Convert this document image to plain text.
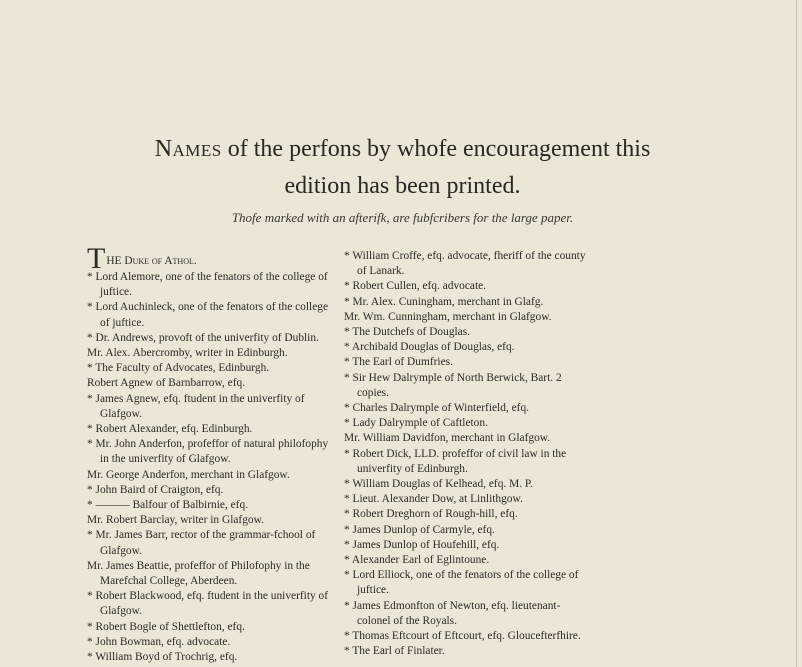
Names of the perfons by whofe encouragement this
edition has been printed.
Thofe marked with an afterifk, are fubfcribers for the large paper.

THE Duke of Athol.

* Lord Alemore, one of the fenators of the college of juftice.

* Lord Auchinleck, one of the fenators of the college of juftice.

* Dr. Andrews, provoft of the univerfity of Dublin.

Mr. Alex. Abercromby, writer in Edinburgh.

* The Faculty of Advocates, Edinburgh.

Robert Agnew of Barnbarrow, efq.

* James Agnew, efq. ftudent in the univerfity of Glafgow.

* Robert Alexander, efq. Edinburgh.

* Mr. John Anderfon, profeffor of natural philofophy in the univerfity of Glafgow.

Mr. George Anderfon, merchant in Glafgow.

* John Baird of Craigton, efq.

* ——— Balfour of Balbirnie, efq.

Mr. Robert Barclay, writer in Glafgow.

* Mr. James Barr, rector of the grammar-fchool of Glafgow.

Mr. James Beattie, profeffor of Philofophy in the Marefchal College, Aberdeen.

* Robert Blackwood, efq. ftudent in the univerfity of Glafgow.

* Robert Bogle of Shettlefton, efq.

* John Bowman, efq. advocate.

* William Boyd of Trochrig, efq.

* William Croffe, efq. advocate, fheriff of the county of Lanark.

* Robert Cullen, efq. advocate.

* Mr. Alex. Cuningham, merchant in Glafg.

Mr. Wm. Cunningham, merchant in Glafgow.

* The Dutchefs of Douglas.

* Archibald Douglas of Douglas, efq.

* The Earl of Dumfries.

* Sir Hew Dalrymple of North Berwick, Bart. 2 copies.

* Charles Dalrymple of Winterfield, efq.

* Lady Dalrymple of Caftleton.

Mr. William Davidfon, merchant in Glafgow.

* Robert Dick, LLD. profeffor of civil law in the univerfity of Edinburgh.

* William Douglas of Kelhead, efq. M. P.

* Lieut. Alexander Dow, at Linlithgow.

* Robert Dreghorn of Rough-hill, efq.

* James Dunlop of Carmyle, efq.

* James Dunlop of Houfehill, efq.

* Alexander Earl of Eglintoune.

* Lord Elliock, one of the fenators of the college of juftice.

* James Edmonfton of Newton, efq. lieutenant-colonel of the Royals.

* Thomas Eftcourt of Eftcourt, efq. Gloucefterfhire.

* The Earl of Finlater.
